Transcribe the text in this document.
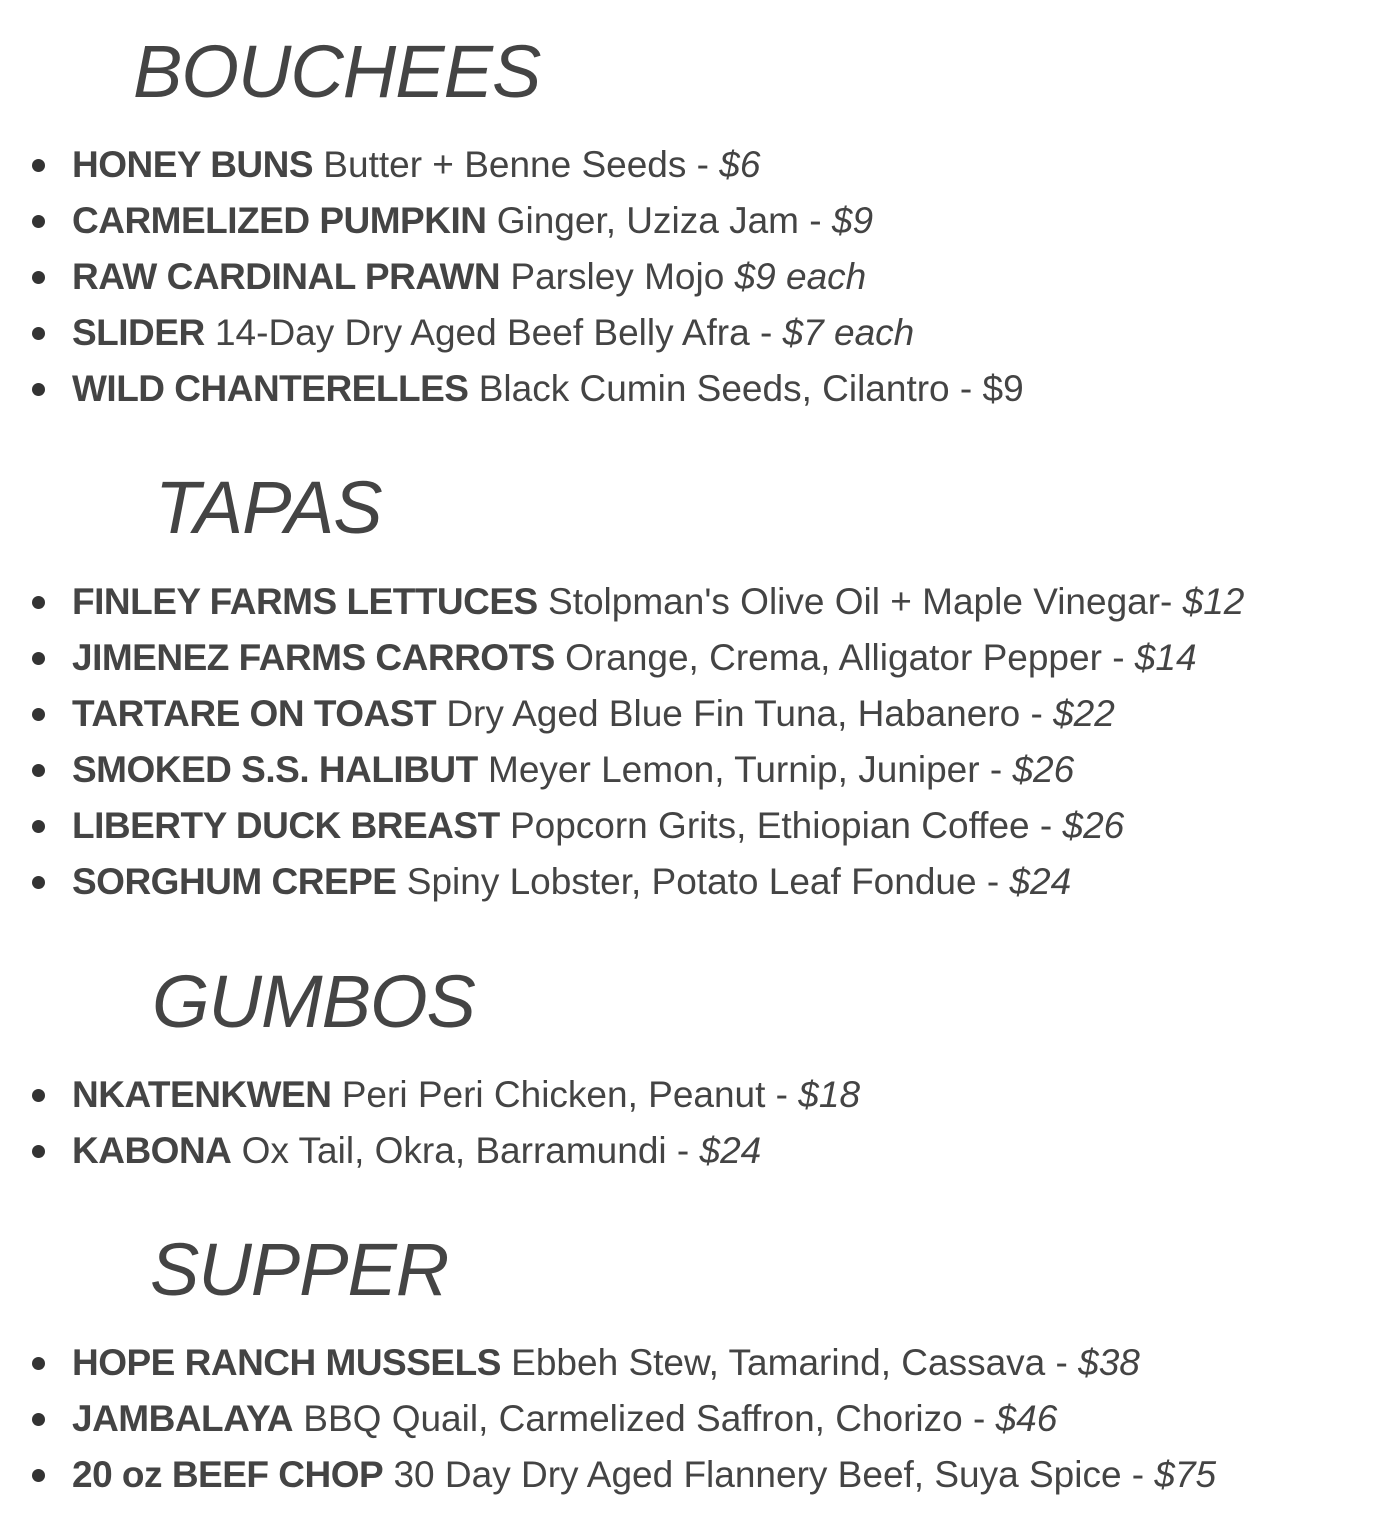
BOUCHEES
HONEY BUNS Butter + Benne Seeds - $6
CARMELIZED PUMPKIN Ginger, Uziza Jam - $9
RAW CARDINAL PRAWN Parsley Mojo $9 each
SLIDER 14-Day Dry Aged Beef Belly Afra - $7 each
WILD CHANTERELLES Black Cumin Seeds, Cilantro - $9
TAPAS
FINLEY FARMS LETTUCES Stolpman's Olive Oil + Maple Vinegar- $12
JIMENEZ FARMS CARROTS Orange, Crema, Alligator Pepper - $14
TARTARE ON TOAST Dry Aged Blue Fin Tuna, Habanero - $22
SMOKED S.S. HALIBUT Meyer Lemon, Turnip, Juniper - $26
LIBERTY DUCK BREAST Popcorn Grits, Ethiopian Coffee - $26
SORGHUM CREPE Spiny Lobster, Potato Leaf Fondue - $24
GUMBOS
NKATENKWEN Peri Peri Chicken, Peanut - $18
KABONA Ox Tail, Okra, Barramundi - $24
SUPPER
HOPE RANCH MUSSELS Ebbeh Stew, Tamarind, Cassava - $38
JAMBALAYA BBQ Quail, Carmelized Saffron, Chorizo - $46
20 oz BEEF CHOP 30 Day Dry Aged Flannery Beef, Suya Spice - $75
